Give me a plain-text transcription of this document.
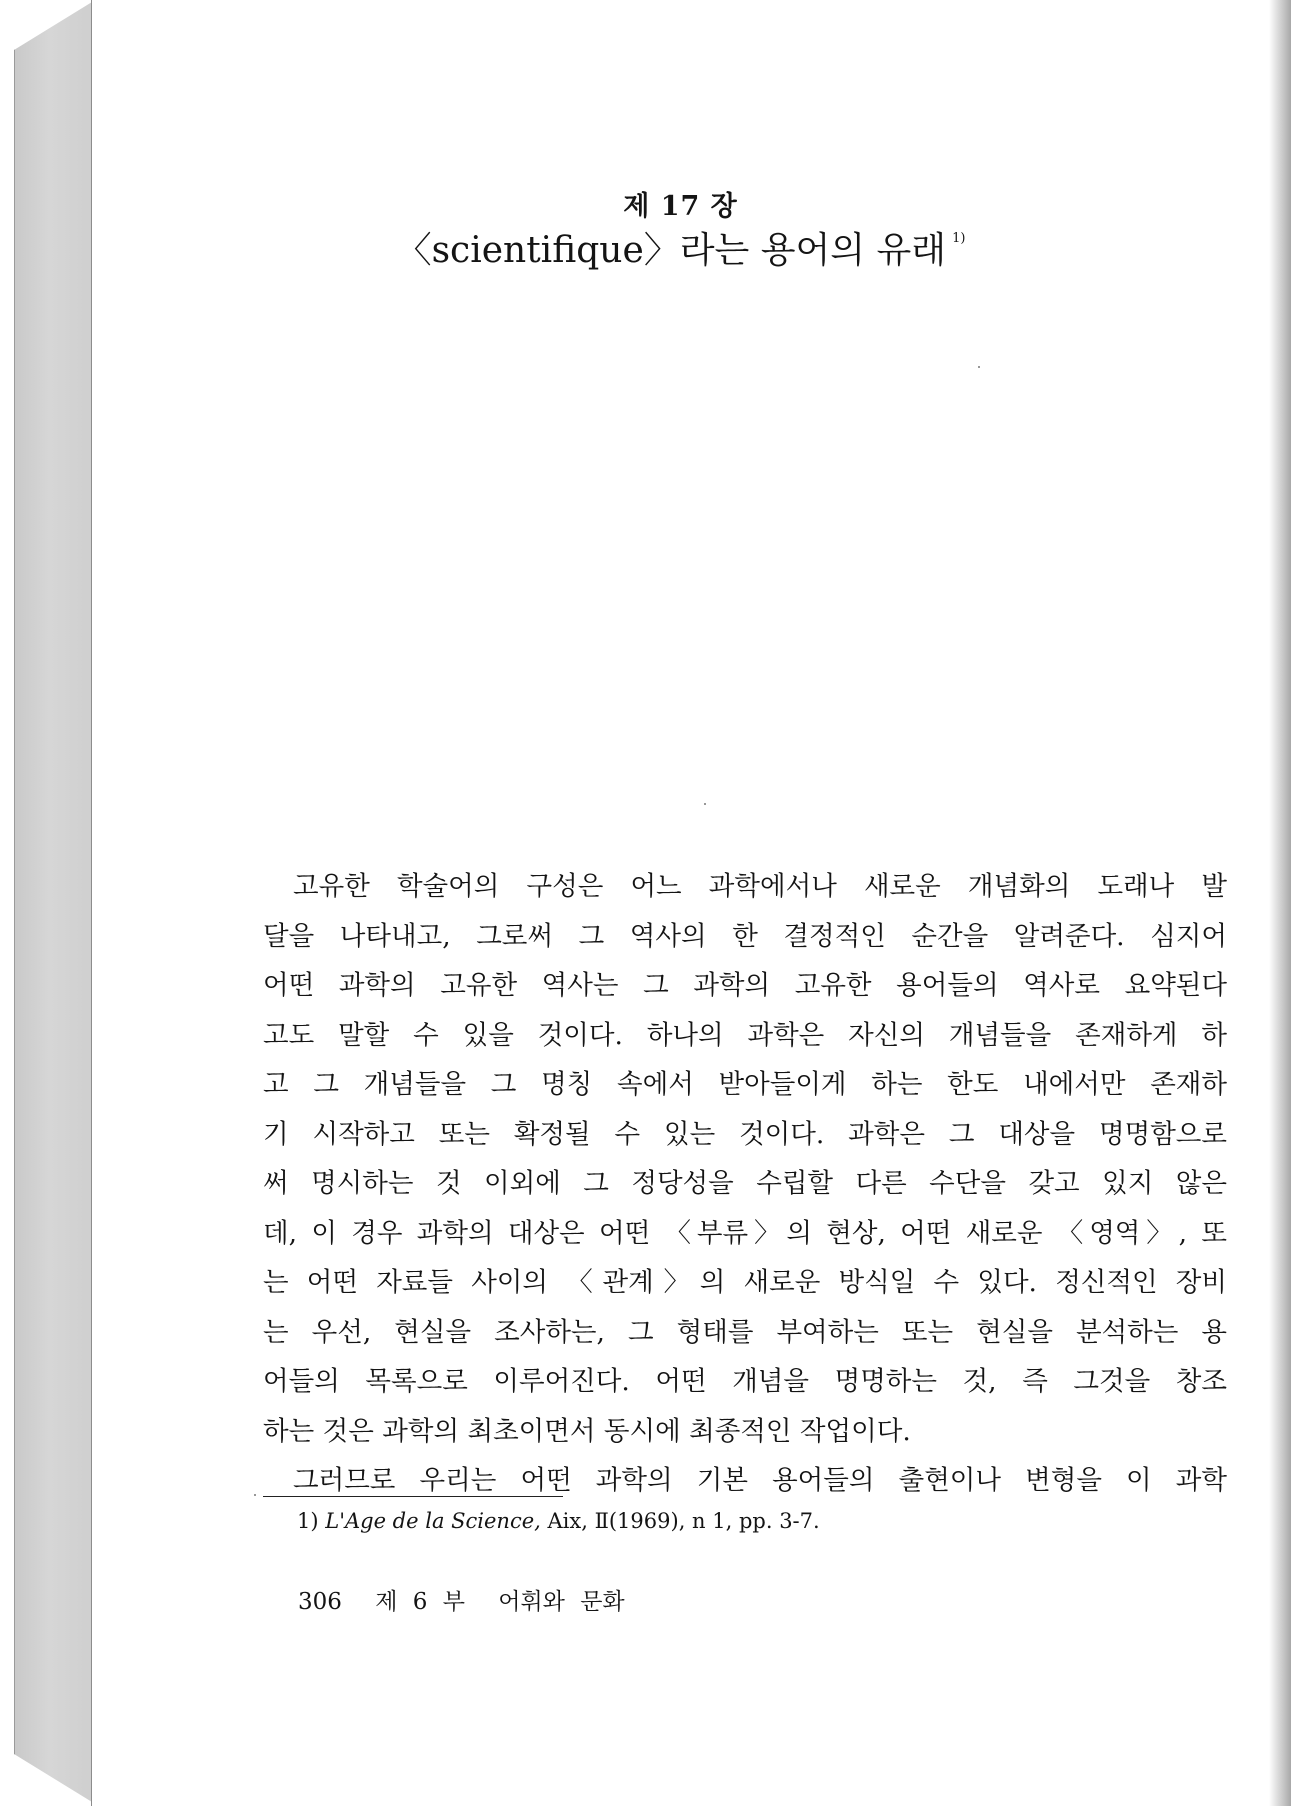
제 17 장
〈scientifique〉라는 용어의 유래 $^{1)}$
고유한 학술어의 구성은 어느 과학에서나 새로운 개념화의 도래나 발
달을 나타내고, 그로써 그 역사의 한 결정적인 순간을 알려준다. 심지어
어떤 과학의 고유한 역사는 그 과학의 고유한 용어들의 역사로 요약된다
고도 말할 수 있을 것이다. 하나의 과학은 자신의 개념들을 존재하게 하
고 그 개념들을 그 명칭 속에서 받아들이게 하는 한도 내에서만 존재하
기 시작하고 또는 확정될 수 있는 것이다. 과학은 그 대상을 명명함으로
써 명시하는 것 이외에 그 정당성을 수립할 다른 수단을 갖고 있지 않은
데, 이 경우 과학의 대상은 어떤 〈부류〉의 현상, 어떤 새로운 〈영역〉, 또
는 어떤 자료들 사이의 〈관계〉의 새로운 방식일 수 있다. 정신적인 장비
는 우선, 현실을 조사하는, 그 형태를 부여하는 또는 현실을 분석하는 용
어들의 목록으로 이루어진다. 어떤 개념을 명명하는 것, 즉 그것을 창조
하는 것은 과학의 최초이면서 동시에 최종적인 작업이다.
그러므로 우리는 어떤 과학의 기본 용어들의 출현이나 변형을 이 과학
1) L'Age de la Science, Aix, Ⅱ(1969), n 1, pp. 3-7.
306 제 6 부 어휘와 문화
